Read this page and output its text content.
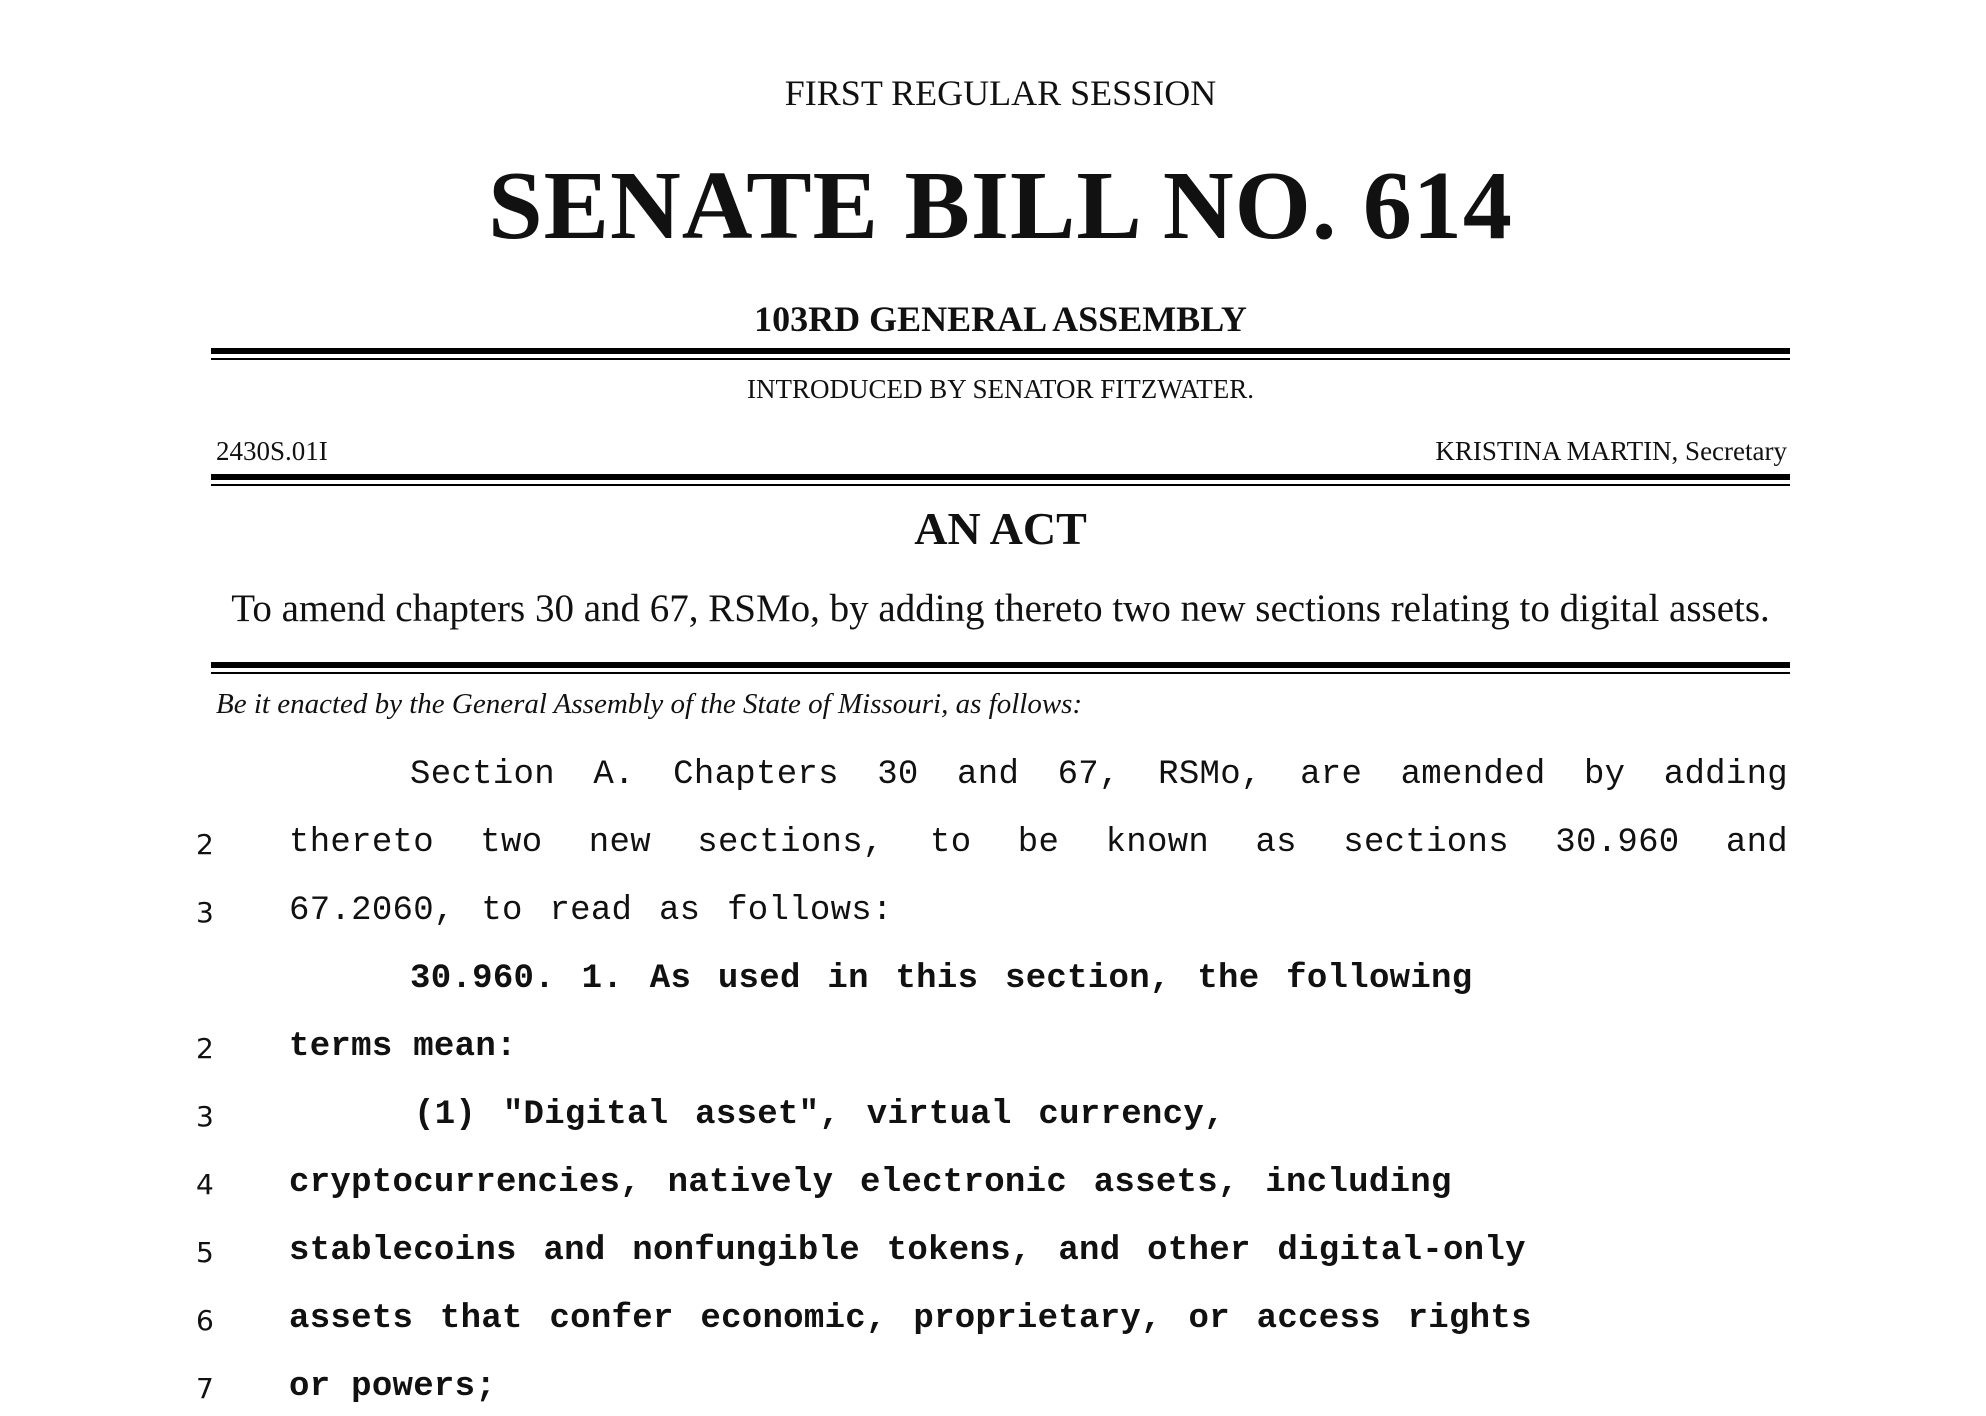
FIRST REGULAR SESSION
SENATE BILL NO. 614
103RD GENERAL ASSEMBLY
INTRODUCED BY SENATOR FITZWATER.
2430S.01I	KRISTINA MARTIN, Secretary
AN ACT
To amend chapters 30 and 67, RSMo, by adding thereto two new sections relating to digital assets.
Be it enacted by the General Assembly of the State of Missouri, as follows:
Section A. Chapters 30 and 67, RSMo, are amended by adding
2 thereto two new sections, to be known as sections 30.960 and
3 67.2060, to read as follows:
30.960. 1. As used in this section, the following
2 terms mean:
3	(1) "Digital asset", virtual currency,
4 cryptocurrencies, natively electronic assets, including
5 stablecoins and nonfungible tokens, and other digital-only
6 assets that confer economic, proprietary, or access rights
7 or powers;
